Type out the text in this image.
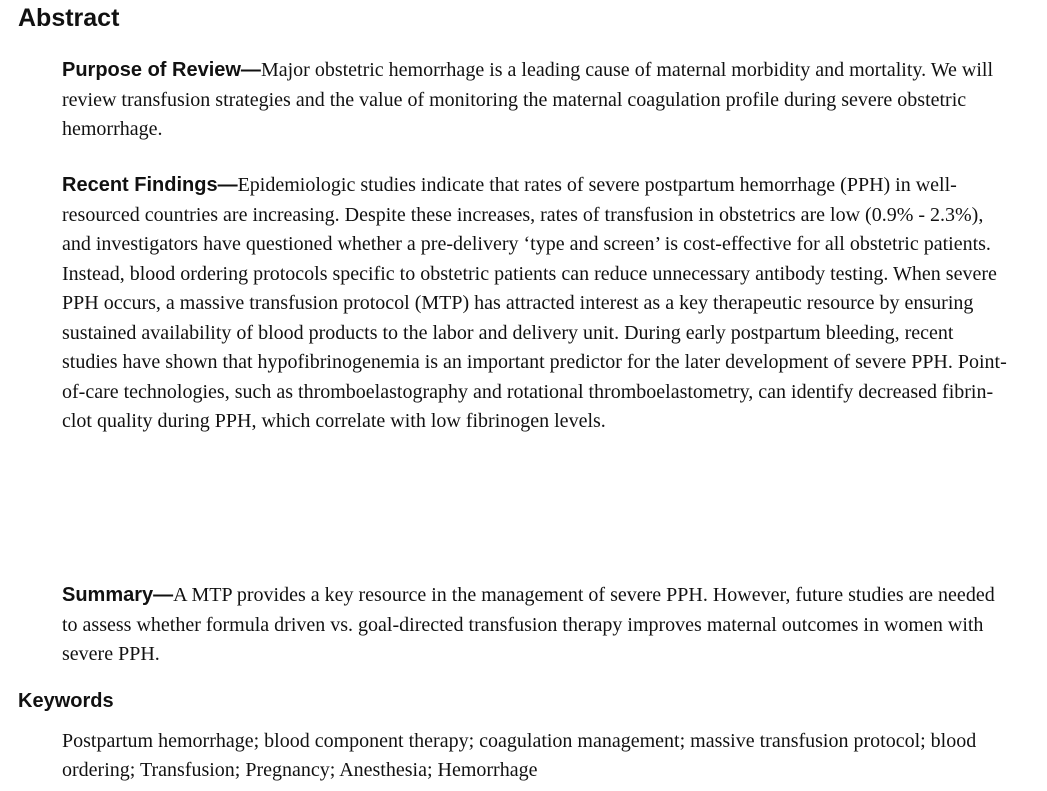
Abstract

Purpose of Review—Major obstetric hemorrhage is a leading cause of maternal morbidity and mortality. We will review transfusion strategies and the value of monitoring the maternal coagulation profile during severe obstetric hemorrhage.

Recent Findings—Epidemiologic studies indicate that rates of severe postpartum hemorrhage (PPH) in well-resourced countries are increasing. Despite these increases, rates of transfusion in obstetrics are low (0.9% - 2.3%), and investigators have questioned whether a pre-delivery ‘type and screen’ is cost-effective for all obstetric patients. Instead, blood ordering protocols specific to obstetric patients can reduce unnecessary antibody testing. When severe PPH occurs, a massive transfusion protocol (MTP) has attracted interest as a key therapeutic resource by ensuring sustained availability of blood products to the labor and delivery unit. During early postpartum bleeding, recent studies have shown that hypofibrinogenemia is an important predictor for the later development of severe PPH. Point-of-care technologies, such as thromboelastography and rotational thromboelastometry, can identify decreased fibrin-clot quality during PPH, which correlate with low fibrinogen levels.

Summary—A MTP provides a key resource in the management of severe PPH. However, future studies are needed to assess whether formula driven vs. goal-directed transfusion therapy improves maternal outcomes in women with severe PPH.

Keywords

Postpartum hemorrhage; blood component therapy; coagulation management; massive transfusion protocol; blood ordering; Transfusion; Pregnancy; Anesthesia; Hemorrhage
